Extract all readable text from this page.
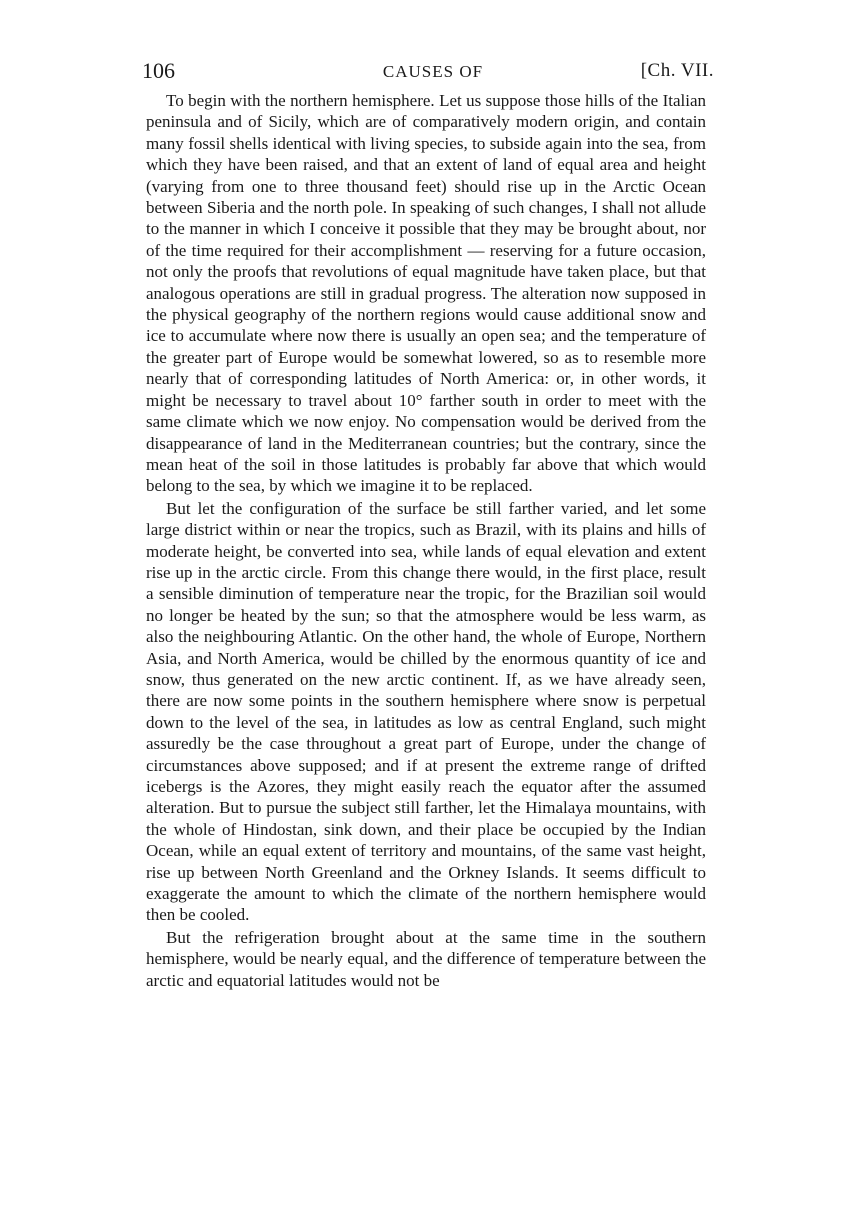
106	CAUSES OF	[Ch. VII.

To begin with the northern hemisphere. Let us suppose those hills of the Italian peninsula and of Sicily, which are of comparatively modern origin, and contain many fossil shells identical with living species, to subside again into the sea, from which they have been raised, and that an extent of land of equal area and height (varying from one to three thousand feet) should rise up in the Arctic Ocean between Siberia and the north pole. In speaking of such changes, I shall not allude to the manner in which I conceive it possible that they may be brought about, nor of the time required for their accomplishment — reserving for a future occasion, not only the proofs that revolutions of equal magnitude have taken place, but that analogous operations are still in gradual progress. The alteration now supposed in the physical geography of the northern regions would cause additional snow and ice to accumulate where now there is usually an open sea; and the temperature of the greater part of Europe would be somewhat lowered, so as to resemble more nearly that of corresponding latitudes of North America: or, in other words, it might be necessary to travel about 10° farther south in order to meet with the same climate which we now enjoy. No compensation would be derived from the disappearance of land in the Mediterranean countries; but the contrary, since the mean heat of the soil in those latitudes is probably far above that which would belong to the sea, by which we imagine it to be replaced.

But let the configuration of the surface be still farther varied, and let some large district within or near the tropics, such as Brazil, with its plains and hills of moderate height, be converted into sea, while lands of equal elevation and extent rise up in the arctic circle. From this change there would, in the first place, result a sensible diminution of temperature near the tropic, for the Brazilian soil would no longer be heated by the sun; so that the atmosphere would be less warm, as also the neighbouring Atlantic. On the other hand, the whole of Europe, Northern Asia, and North America, would be chilled by the enormous quantity of ice and snow, thus generated on the new arctic continent. If, as we have already seen, there are now some points in the southern hemisphere where snow is perpetual down to the level of the sea, in latitudes as low as central England, such might assuredly be the case throughout a great part of Europe, under the change of circumstances above supposed; and if at present the extreme range of drifted icebergs is the Azores, they might easily reach the equator after the assumed alteration. But to pursue the subject still farther, let the Himalaya mountains, with the whole of Hindostan, sink down, and their place be occupied by the Indian Ocean, while an equal extent of territory and mountains, of the same vast height, rise up between North Greenland and the Orkney Islands. It seems difficult to exaggerate the amount to which the climate of the northern hemisphere would then be cooled.

But the refrigeration brought about at the same time in the southern hemisphere, would be nearly equal, and the difference of temperature between the arctic and equatorial latitudes would not be
